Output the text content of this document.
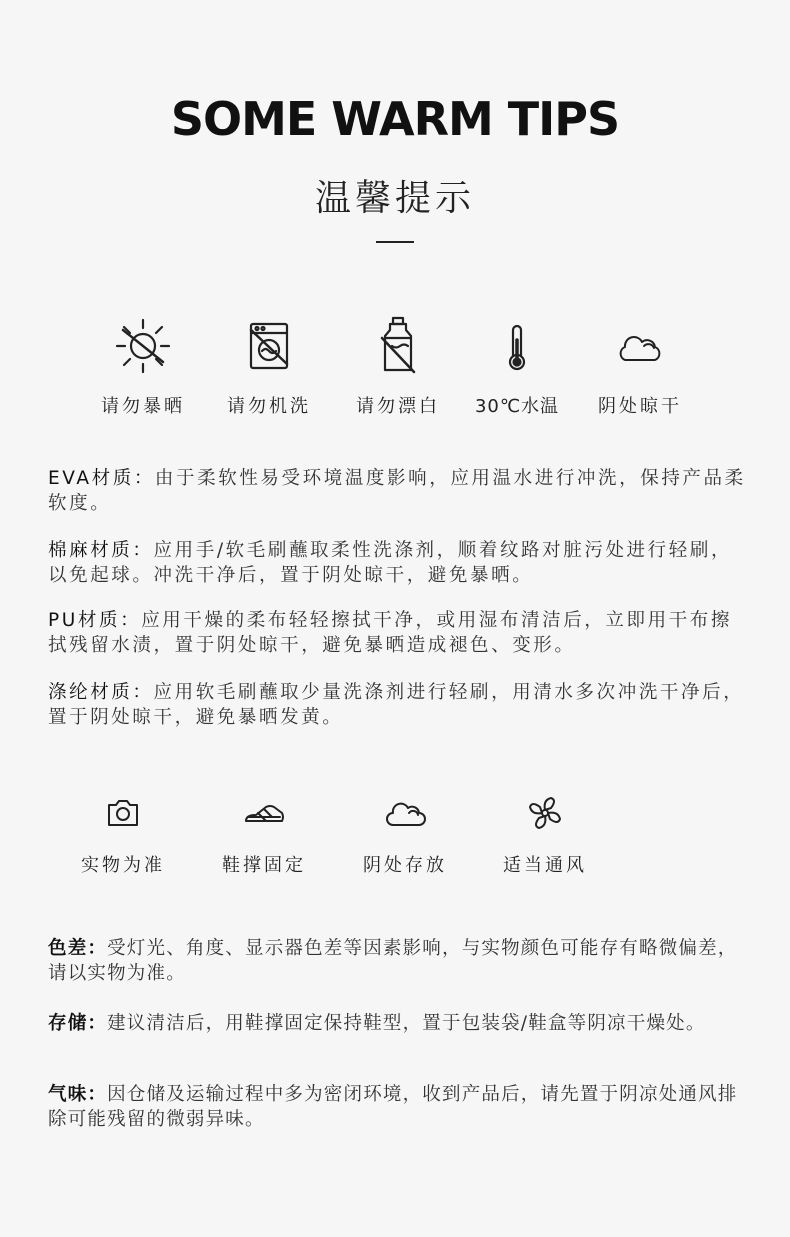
SOME WARM TIPS
温馨提示
请勿暴晒	请勿机洗	请勿漂白	30℃水温	阴处晾干
EVA材质：由于柔软性易受环境温度影响，应用温水进行冲洗，保持产品柔软度。
棉麻材质：应用手/软毛刷蘸取柔性洗涤剂，顺着纹路对脏污处进行轻刷，以免起球。冲洗干净后，置于阴处晾干，避免暴晒。
PU材质：应用干燥的柔布轻轻擦拭干净，或用湿布清洁后，立即用干布擦拭残留水渍，置于阴处晾干，避免暴晒造成褪色、变形。
涤纶材质：应用软毛刷蘸取少量洗涤剂进行轻刷，用清水多次冲洗干净后，置于阴处晾干，避免暴晒发黄。
实物为准	鞋撑固定	阴处存放	适当通风
色差：受灯光、角度、显示器色差等因素影响，与实物颜色可能存有略微偏差，请以实物为准。
存储：建议清洁后，用鞋撑固定保持鞋型，置于包装袋/鞋盒等阴凉干燥处。
气味：因仓储及运输过程中多为密闭环境，收到产品后，请先置于阴凉处通风排除可能残留的微弱异味。
